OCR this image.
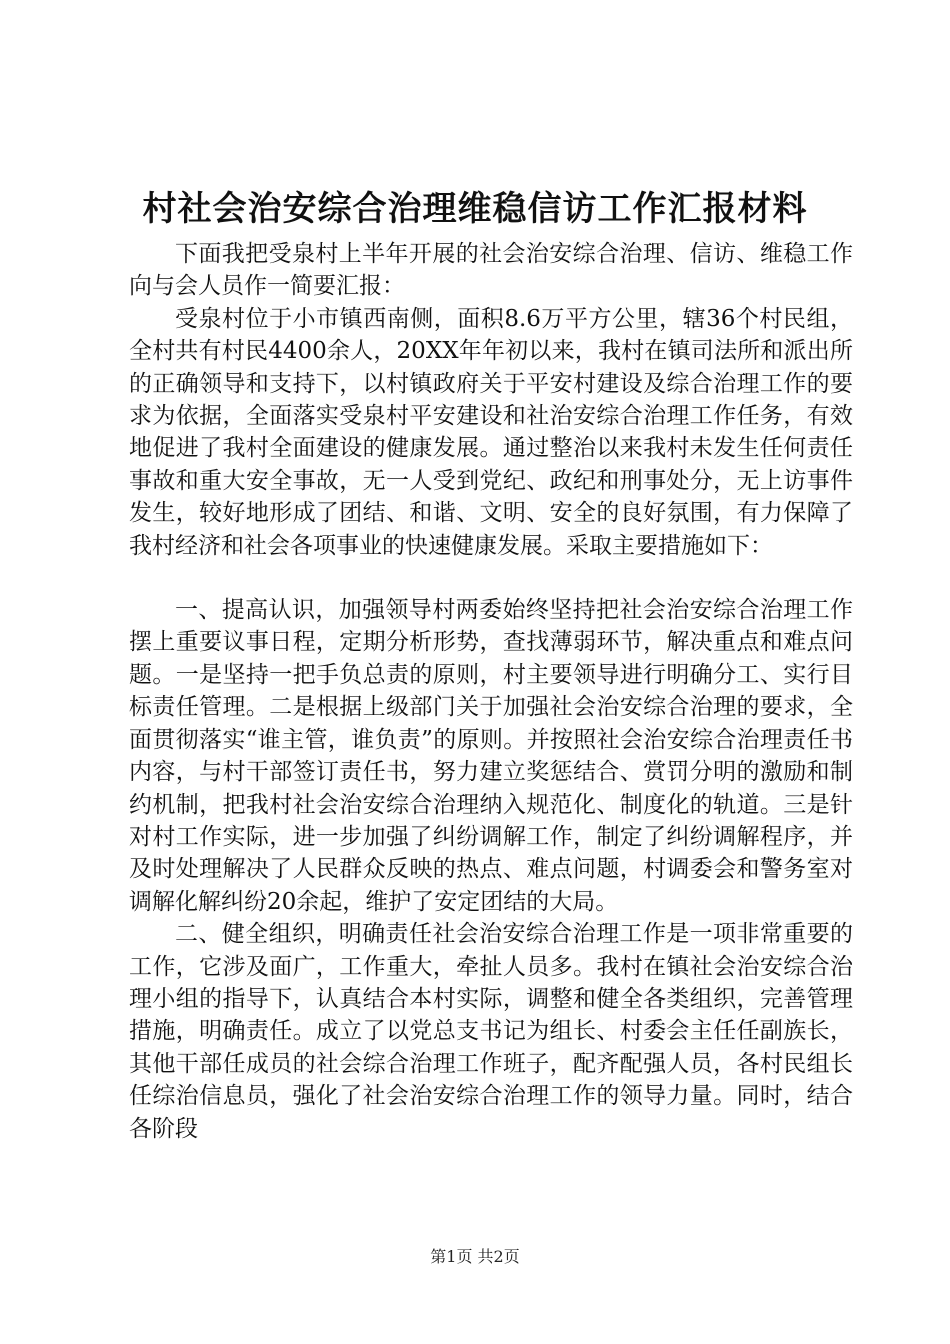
村社会治安综合治理维稳信访工作汇报材料

下面我把受泉村上半年开展的社会治安综合治理、信访、维稳工作向与会人员作一简要汇报：

受泉村位于小市镇西南侧，面积8.6万平方公里，辖36个村民组，全村共有村民4400余人，20XX年年初以来，我村在镇司法所和派出所的正确领导和支持下，以村镇政府关于平安村建设及综合治理工作的要求为依据，全面落实受泉村平安建设和社治安综合治理工作任务，有效地促进了我村全面建设的健康发展。通过整治以来我村未发生任何责任事故和重大安全事故，无一人受到党纪、政纪和刑事处分，无上访事件发生，较好地形成了团结、和谐、文明、安全的良好氛围，有力保障了我村经济和社会各项事业的快速健康发展。采取主要措施如下：

一、提高认识，加强领导村两委始终坚持把社会治安综合治理工作摆上重要议事日程，定期分析形势，查找薄弱环节，解决重点和难点问题。一是坚持一把手负总责的原则，村主要领导进行明确分工、实行目标责任管理。二是根据上级部门关于加强社会治安综合治理的要求，全面贯彻落实“谁主管，谁负责”的原则。并按照社会治安综合治理责任书内容，与村干部签订责任书，努力建立奖惩结合、赏罚分明的激励和制约机制，把我村社会治安综合治理纳入规范化、制度化的轨道。三是针对村工作实际，进一步加强了纠纷调解工作，制定了纠纷调解程序，并及时处理解决了人民群众反映的热点、难点问题，村调委会和警务室对调解化解纠纷20余起，维护了安定团结的大局。

二、健全组织，明确责任社会治安综合治理工作是一项非常重要的工作，它涉及面广，工作重大，牵扯人员多。我村在镇社会治安综合治理小组的指导下，认真结合本村实际，调整和健全各类组织，完善管理措施，明确责任。成立了以党总支书记为组长、村委会主任任副族长，其他干部任成员的社会综合治理工作班子，配齐配强人员，各村民组长任综治信息员，强化了社会治安综合治理工作的领导力量。同时，结合各阶段

第1页 共2页
